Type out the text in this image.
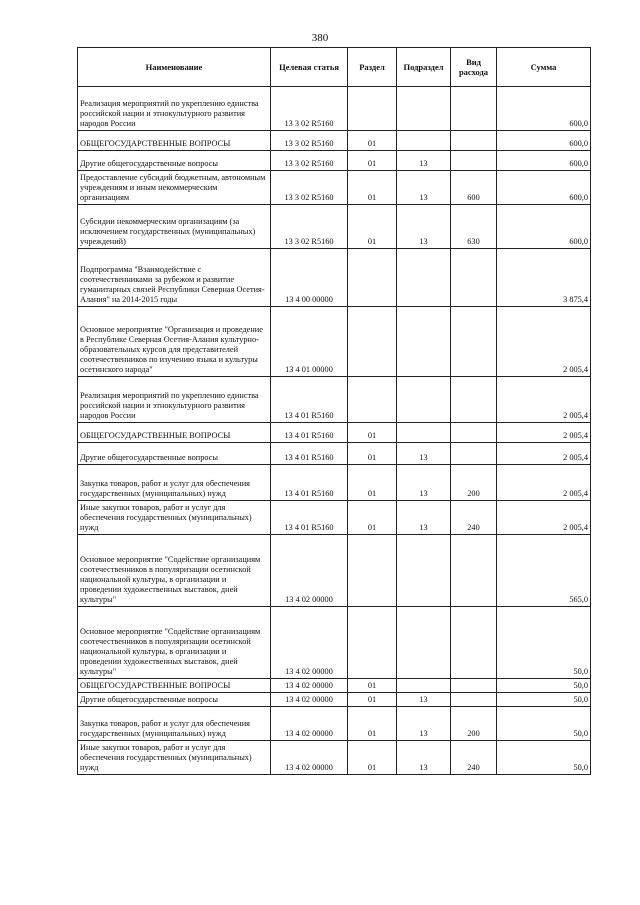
380
Наименование	Целевая статья	Раздел	Подраздел	Вид расхода	Сумма
Реализация мероприятий по укреплению единства российской нации и этнокультурного развития народов России	13 3 02 R5160				600,0
ОБЩЕГОСУДАРСТВЕННЫЕ ВОПРОСЫ	13 3 02 R5160	01			600,0
Другие общегосударственные вопросы	13 3 02 R5160	01	13		600,0
Предоставление субсидий бюджетным, автономным учреждениям и иным некоммерческим организациям	13 3 02 R5160	01	13	600	600,0
Субсидии некоммерческим организациям (за исключением государственных (муниципальных) учреждений)	13 3 02 R5160	01	13	630	600,0
Подпрограмма "Взаимодействие с соотечественниками за рубежом и развитие гуманитарных связей Республики Северная Осетия-Алания" на 2014-2015 годы	13 4 00 00000				3 875,4
Основное мероприятие "Организация и проведение в Республике Северная Осетия-Алания культурно-образовательных курсов для представителей соотечественников по изучению языка и культуры осетинского народа"	13 4 01 00000				2 005,4
Реализация мероприятий по укреплению единства российской нации и этнокультурного развития народов России	13 4 01 R5160				2 005,4
ОБЩЕГОСУДАРСТВЕННЫЕ ВОПРОСЫ	13 4 01 R5160	01			2 005,4
Другие общегосударственные вопросы	13 4 01 R5160	01	13		2 005,4
Закупка товаров, работ и услуг для обеспечения государственных (муниципальных) нужд	13 4 01 R5160	01	13	200	2 005,4
Иные закупки товаров, работ и услуг для обеспечения государственных (муниципальных) нужд	13 4 01 R5160	01	13	240	2 005,4
Основное мероприятие "Содействие организациям соотечественников в популяризации осетинской национальной культуры, в организации и проведении художественных выставок, дней культуры"	13 4 02 00000				565,0
Основное мероприятие "Содействие организациям соотечественников в популяризации осетинской национальной культуры, в организации и проведении художественных выставок, дней культуры"	13 4 02 00000				50,0
ОБЩЕГОСУДАРСТВЕННЫЕ ВОПРОСЫ	13 4 02 00000	01			50,0
Другие общегосударственные вопросы	13 4 02 00000	01	13		50,0
Закупка товаров, работ и услуг для обеспечения государственных (муниципальных) нужд	13 4 02 00000	01	13	200	50,0
Иные закупки товаров, работ и услуг для обеспечения государственных (муниципальных) нужд	13 4 02 00000	01	13	240	50,0
